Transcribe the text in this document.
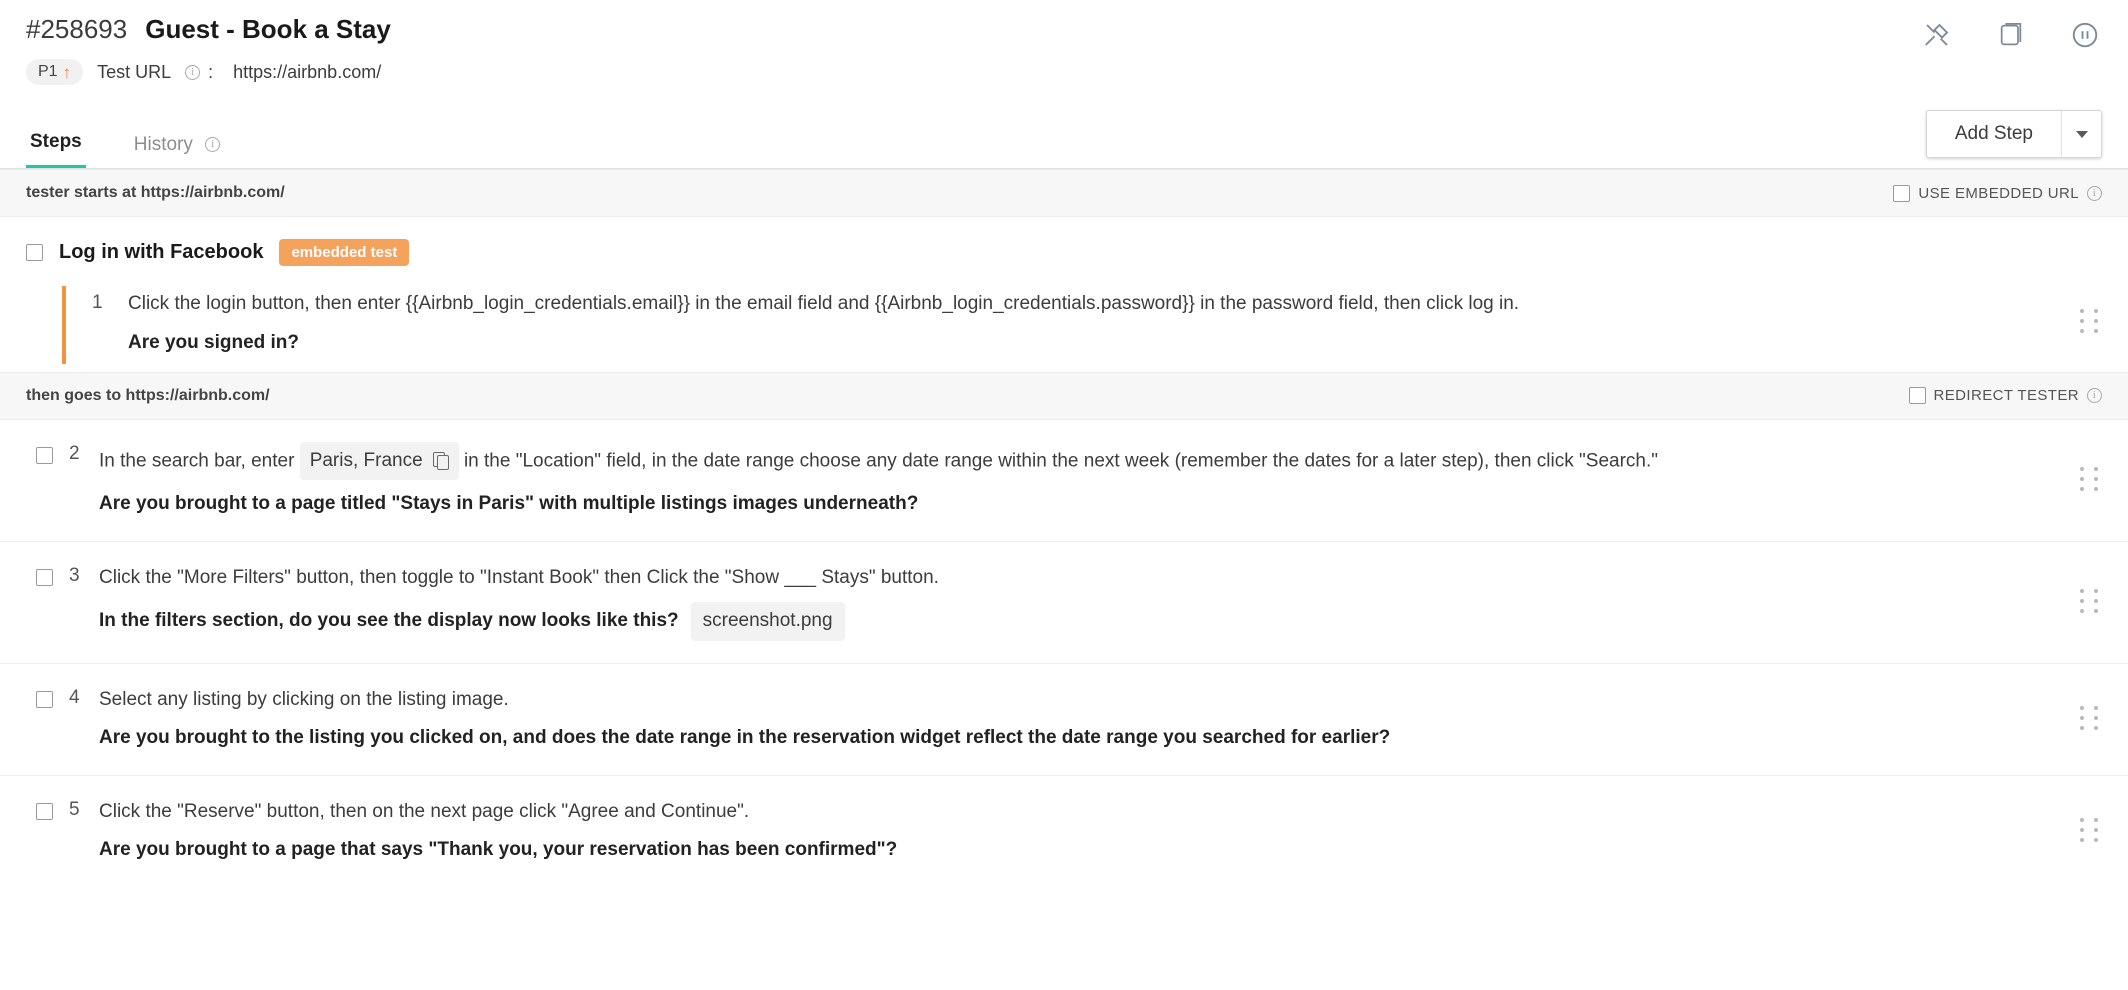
#258693 Guest - Book a Stay
P1 ↑ Test URL	i : https://airbnb.com/
Steps	History i
Add Step
tester starts at https://airbnb.com/	USE EMBEDDED URL	i
Log in with Facebook	embedded test
1 Click the login button, then enter {{Airbnb_login_credentials.email}} in the email field and {{Airbnb_login_credentials.password}} in the password field, then click log in.
Are you signed in?
then goes to https://airbnb.com/	REDIRECT TESTER	i
2 In the search bar, enter Paris, France in the "Location" field, in the date range choose any date range within the next week (remember the dates for a later step), then click "Search."
Are you brought to a page titled "Stays in Paris" with multiple listings images underneath?
3 Click the "More Filters" button, then toggle to "Instant Book" then Click the "Show ___ Stays" button.
In the filters section, do you see the display now looks like this?	screenshot.png
4 Select any listing by clicking on the listing image.
Are you brought to the listing you clicked on, and does the date range in the reservation widget reflect the date range you searched for earlier?
5 Click the "Reserve" button, then on the next page click "Agree and Continue".
Are you brought to a page that says "Thank you, your reservation has been confirmed"?
